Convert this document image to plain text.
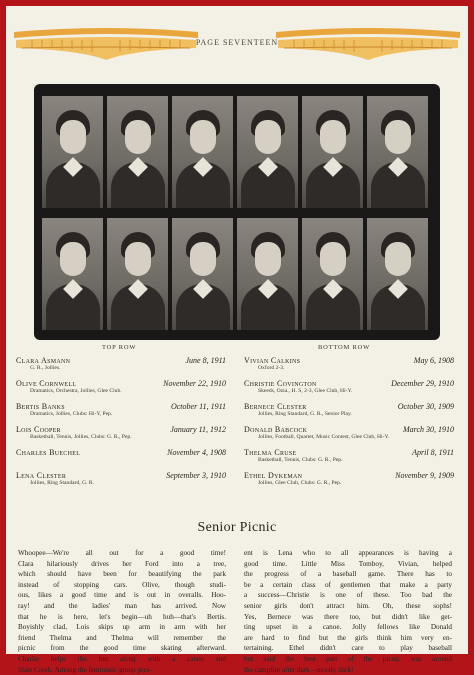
PAGE SEVENTEEN
TOP ROW	BOTTOM ROW
Clara Asmann	June 8, 1911
G. R., Jollies.
Olive Cornwell	November 22, 1910
Dramatics, Orchestra, Jollies, Glee Club.
Bertis Banks	October 11, 1911
Dramatics, Jollies, Clubs: Hi-Y, Pep.
Lois Cooper	January 11, 1912
Basketball, Tennis, Jollies, Clubs: G. R., Pep.
Charles Buechel	November 4, 1908
Lena Clester	September 3, 1910
Jollies, Ring Standard, G. R.
Vivian Calkins	May 6, 1908
Oxford 2-3.
Christie Covington	December 29, 1910
Skeeds, Ozia., H. S, 2-3, Glee Club, Hi-Y.
Bernece Clester	October 30, 1909
Jollies, Ring Standard, G. R., Senior Play.
Donald Babcock	March 30, 1910
Jollies, Football, Quartet, Music Contest, Glee Club, Hi-Y.
Thelma Cruse	April 8, 1911
Basketball, Tennis, Clubs: G. R., Pep.
Ethel Dykeman	November 9, 1909
Jollies, Glee Club, Clubs: G. R., Pep.
Senior Picnic
Whoopee—We're all out for a good time!
Clara hilariously drives her Ford into a tree,
which should have been for beautifying the park
instead of stopping cars. Olive, though studi-
ous, likes a good time and is out in overalls. Hoo-
ray! and the ladies' man has arrived. Now
that he is here, let's begin—uh huh—that's Bertis.
Boyishly clad, Lois skips up arm in arm with her
friend Thelma and Thelma will remember the
picnic from the good time skating afterward.
Charlie helps the fun along with a canoe and
Slate Creek. Among the feministic group pres-
ent is Lena who to all appearances is having a
good time. Little Miss Tomboy, Vivian, helped
the progress of a baseball game. There has to
be a certain class of gentlemen that make a party
a success—Christie is one of these. Too bad the
senior girls don't attract him. Oh, these sophs!
Yes, Bernece was there too, but didn't like get-
ting upset in a canoe. Jolly fellows like Donald
are hard to find but the girls think him very en-
tertaining. Ethel didn't care to play baseball
but said the best part of the picnic was around
the campfire after dark—mostly dark!
